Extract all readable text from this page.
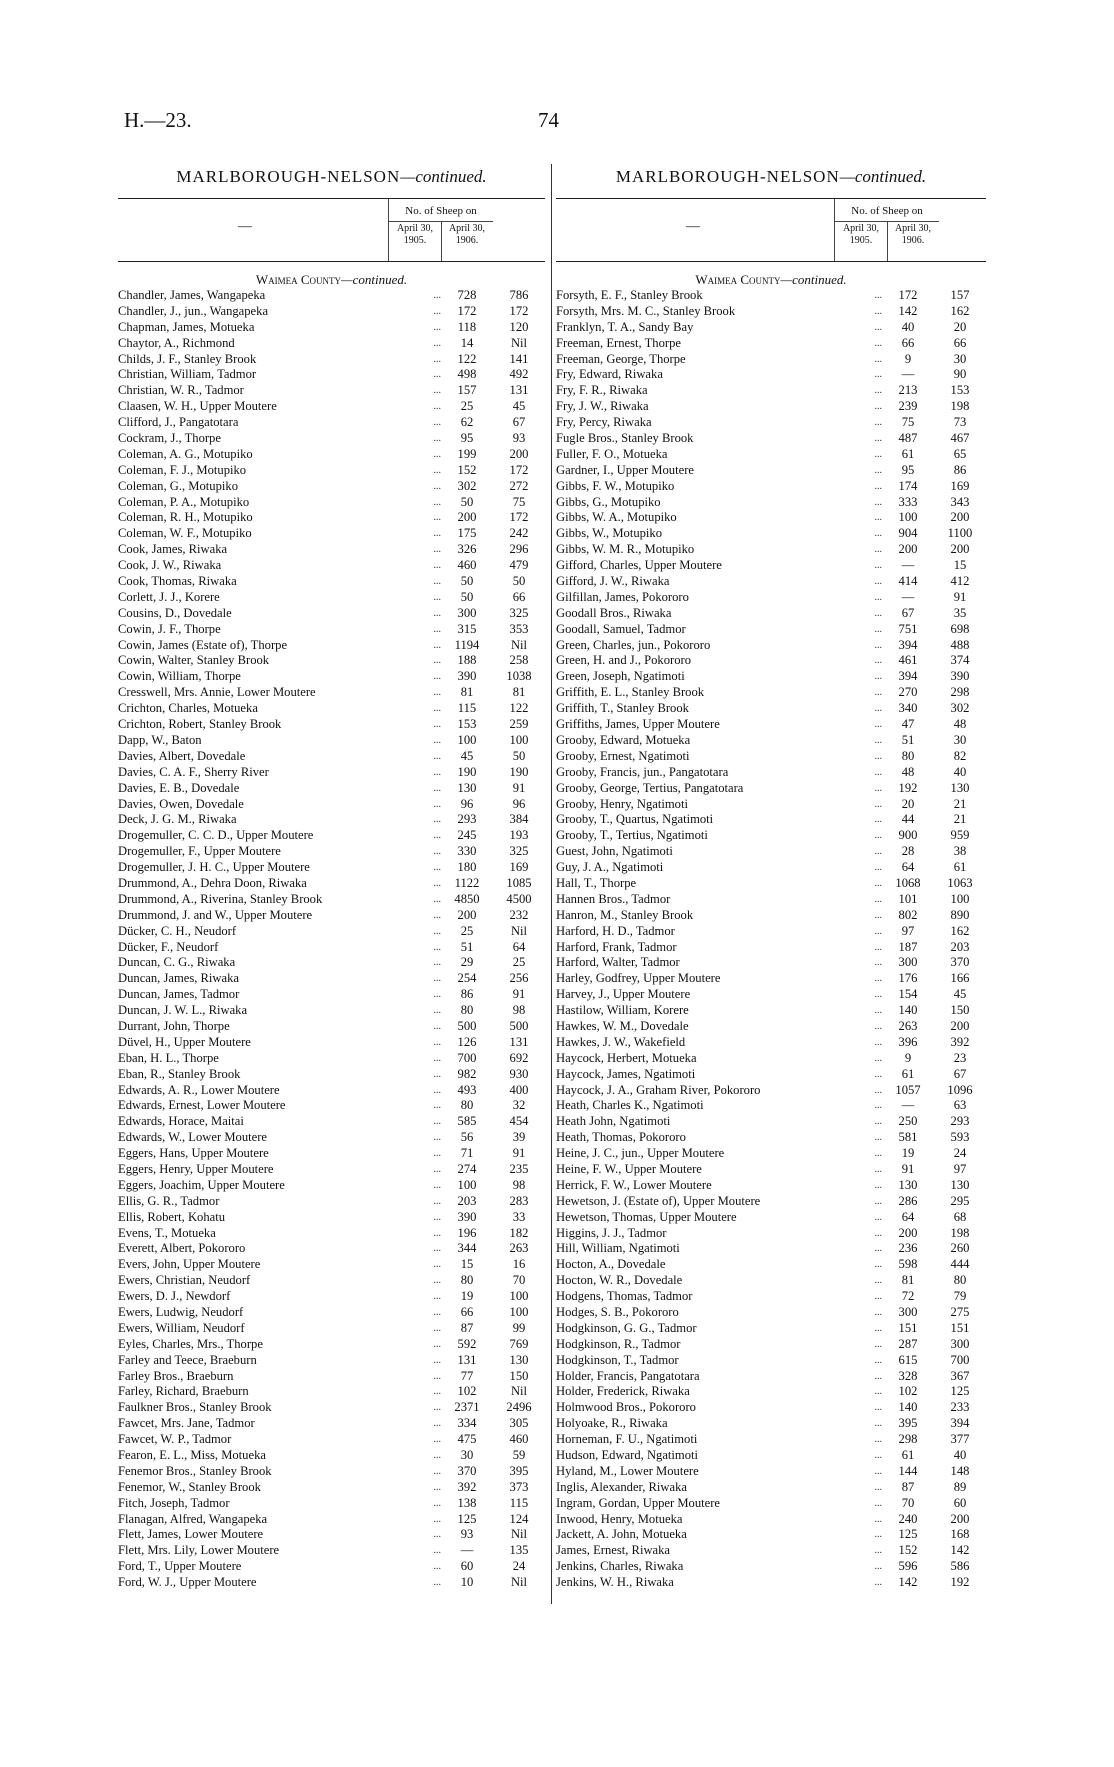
H.—23.	74
MARLBOROUGH-NELSON—continued.
—
No. of Sheep on
April 30, 1905.
April 30, 1906.
Waimea County—continued.
Chandler, James, Wangapeka	...	728	786
Chandler, J., jun., Wangapeka	...	172	172
Chapman, James, Motueka	...	118	120
Chaytor, A., Richmond	...	14	Nil
Childs, J. F., Stanley Brook	...	122	141
Christian, William, Tadmor	...	498	492
Christian, W. R., Tadmor	...	157	131
Claasen, W. H., Upper Moutere	...	25	45
Clifford, J., Pangatotara	...	62	67
Cockram, J., Thorpe	...	95	93
Coleman, A. G., Motupiko	...	199	200
Coleman, F. J., Motupiko	...	152	172
Coleman, G., Motupiko	...	302	272
Coleman, P. A., Motupiko	...	50	75
Coleman, R. H., Motupiko	...	200	172
Coleman, W. F., Motupiko	...	175	242
Cook, James, Riwaka	...	326	296
Cook, J. W., Riwaka	...	460	479
Cook, Thomas, Riwaka	...	50	50
Corlett, J. J., Korere	...	50	66
Cousins, D., Dovedale	...	300	325
Cowin, J. F., Thorpe	...	315	353
Cowin, James (Estate of), Thorpe	...	1194	Nil
Cowin, Walter, Stanley Brook	...	188	258
Cowin, William, Thorpe	...	390	1038
Cresswell, Mrs. Annie, Lower Moutere	...	81	81
Crichton, Charles, Motueka	...	115	122
Crichton, Robert, Stanley Brook	...	153	259
Dapp, W., Baton	...	100	100
Davies, Albert, Dovedale	...	45	50
Davies, C. A. F., Sherry River	...	190	190
Davies, E. B., Dovedale	...	130	91
Davies, Owen, Dovedale	...	96	96
Deck, J. G. M., Riwaka	...	293	384
Drogemuller, C. C. D., Upper Moutere	...	245	193
Drogemuller, F., Upper Moutere	...	330	325
Drogemuller, J. H. C., Upper Moutere	...	180	169
Drummond, A., Dehra Doon, Riwaka	...	1122	1085
Drummond, A., Riverina, Stanley Brook	...	4850	4500
Drummond, J. and W., Upper Moutere	...	200	232
Dücker, C. H., Neudorf	...	25	Nil
Dücker, F., Neudorf	...	51	64
Duncan, C. G., Riwaka	...	29	25
Duncan, James, Riwaka	...	254	256
Duncan, James, Tadmor	...	86	91
Duncan, J. W. L., Riwaka	...	80	98
Durrant, John, Thorpe	...	500	500
Düvel, H., Upper Moutere	...	126	131
Eban, H. L., Thorpe	...	700	692
Eban, R., Stanley Brook	...	982	930
Edwards, A. R., Lower Moutere	...	493	400
Edwards, Ernest, Lower Moutere	...	80	32
Edwards, Horace, Maitai	...	585	454
Edwards, W., Lower Moutere	...	56	39
Eggers, Hans, Upper Moutere	...	71	91
Eggers, Henry, Upper Moutere	...	274	235
Eggers, Joachim, Upper Moutere	...	100	98
Ellis, G. R., Tadmor	...	203	283
Ellis, Robert, Kohatu	...	390	33
Evens, T., Motueka	...	196	182
Everett, Albert, Pokororo	...	344	263
Evers, John, Upper Moutere	...	15	16
Ewers, Christian, Neudorf	...	80	70
Ewers, D. J., Newdorf	...	19	100
Ewers, Ludwig, Neudorf	...	66	100
Ewers, William, Neudorf	...	87	99
Eyles, Charles, Mrs., Thorpe	...	592	769
Farley and Teece, Braeburn	...	131	130
Farley Bros., Braeburn	...	77	150
Farley, Richard, Braeburn	...	102	Nil
Faulkner Bros., Stanley Brook	...	2371	2496
Fawcet, Mrs. Jane, Tadmor	...	334	305
Fawcet, W. P., Tadmor	...	475	460
Fearon, E. L., Miss, Motueka	...	30	59
Fenemor Bros., Stanley Brook	...	370	395
Fenemor, W., Stanley Brook	...	392	373
Fitch, Joseph, Tadmor	...	138	115
Flanagan, Alfred, Wangapeka	...	125	124
Flett, James, Lower Moutere	...	93	Nil
Flett, Mrs. Lily, Lower Moutere	...	—	135
Ford, T., Upper Moutere	...	60	24
Ford, W. J., Upper Moutere	...	10	Nil
MARLBOROUGH-NELSON—continued.
—
No. of Sheep on
April 30, 1905.
April 30, 1906.
Waimea County—continued.
Forsyth, E. F., Stanley Brook	...	172	157
Forsyth, Mrs. M. C., Stanley Brook	...	142	162
Franklyn, T. A., Sandy Bay	...	40	20
Freeman, Ernest, Thorpe	...	66	66
Freeman, George, Thorpe	...	9	30
Fry, Edward, Riwaka	...	—	90
Fry, F. R., Riwaka	...	213	153
Fry, J. W., Riwaka	...	239	198
Fry, Percy, Riwaka	...	75	73
Fugle Bros., Stanley Brook	...	487	467
Fuller, F. O., Motueka	...	61	65
Gardner, I., Upper Moutere	...	95	86
Gibbs, F. W., Motupiko	...	174	169
Gibbs, G., Motupiko	...	333	343
Gibbs, W. A., Motupiko	...	100	200
Gibbs, W., Motupiko	...	904	1100
Gibbs, W. M. R., Motupiko	...	200	200
Gifford, Charles, Upper Moutere	...	—	15
Gifford, J. W., Riwaka	...	414	412
Gilfillan, James, Pokororo	...	—	91
Goodall Bros., Riwaka	...	67	35
Goodall, Samuel, Tadmor	...	751	698
Green, Charles, jun., Pokororo	...	394	488
Green, H. and J., Pokororo	...	461	374
Green, Joseph, Ngatimoti	...	394	390
Griffith, E. L., Stanley Brook	...	270	298
Griffith, T., Stanley Brook	...	340	302
Griffiths, James, Upper Moutere	...	47	48
Grooby, Edward, Motueka	...	51	30
Grooby, Ernest, Ngatimoti	...	80	82
Grooby, Francis, jun., Pangatotara	...	48	40
Grooby, George, Tertius, Pangatotara	...	192	130
Grooby, Henry, Ngatimoti	...	20	21
Grooby, T., Quartus, Ngatimoti	...	44	21
Grooby, T., Tertius, Ngatimoti	...	900	959
Guest, John, Ngatimoti	...	28	38
Guy, J. A., Ngatimoti	...	64	61
Hall, T., Thorpe	...	1068	1063
Hannen Bros., Tadmor	...	101	100
Hanron, M., Stanley Brook	...	802	890
Harford, H. D., Tadmor	...	97	162
Harford, Frank, Tadmor	...	187	203
Harford, Walter, Tadmor	...	300	370
Harley, Godfrey, Upper Moutere	...	176	166
Harvey, J., Upper Moutere	...	154	45
Hastilow, William, Korere	...	140	150
Hawkes, W. M., Dovedale	...	263	200
Hawkes, J. W., Wakefield	...	396	392
Haycock, Herbert, Motueka	...	9	23
Haycock, James, Ngatimoti	...	61	67
Haycock, J. A., Graham River, Pokororo	...	1057	1096
Heath, Charles K., Ngatimoti	...	—	63
Heath John, Ngatimoti	...	250	293
Heath, Thomas, Pokororo	...	581	593
Heine, J. C., jun., Upper Moutere	...	19	24
Heine, F. W., Upper Moutere	...	91	97
Herrick, F. W., Lower Moutere	...	130	130
Hewetson, J. (Estate of), Upper Moutere	...	286	295
Hewetson, Thomas, Upper Moutere	...	64	68
Higgins, J. J., Tadmor	...	200	198
Hill, William, Ngatimoti	...	236	260
Hocton, A., Dovedale	...	598	444
Hocton, W. R., Dovedale	...	81	80
Hodgens, Thomas, Tadmor	...	72	79
Hodges, S. B., Pokororo	...	300	275
Hodgkinson, G. G., Tadmor	...	151	151
Hodgkinson, R., Tadmor	...	287	300
Hodgkinson, T., Tadmor	...	615	700
Holder, Francis, Pangatotara	...	328	367
Holder, Frederick, Riwaka	...	102	125
Holmwood Bros., Pokororo	...	140	233
Holyoake, R., Riwaka	...	395	394
Horneman, F. U., Ngatimoti	...	298	377
Hudson, Edward, Ngatimoti	...	61	40
Hyland, M., Lower Moutere	...	144	148
Inglis, Alexander, Riwaka	...	87	89
Ingram, Gordan, Upper Moutere	...	70	60
Inwood, Henry, Motueka	...	240	200
Jackett, A. John, Motueka	...	125	168
James, Ernest, Riwaka	...	152	142
Jenkins, Charles, Riwaka	...	596	586
Jenkins, W. H., Riwaka	...	142	192
